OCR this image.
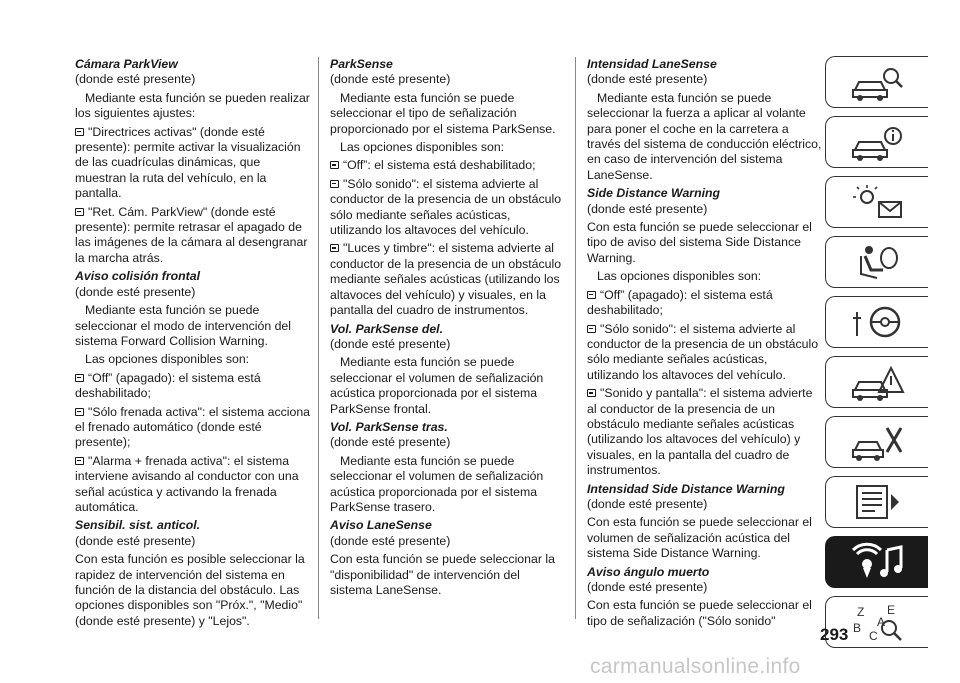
Cámara ParkView

(donde esté presente)

Mediante esta función se pueden realizar los siguientes ajustes:

"Directrices activas" (donde esté presente): permite activar la visualización de las cuadrículas dinámicas, que muestran la ruta del vehículo, en la pantalla.

"Ret. Cám. ParkView" (donde esté presente): permite retrasar el apagado de las imágenes de la cámara al desengranar la marcha atrás.

Aviso colisión frontal

(donde esté presente)

Mediante esta función se puede seleccionar el modo de intervención del sistema Forward Collision Warning.

Las opciones disponibles son:

“Off” (apagado): el sistema está deshabilitado;

"Sólo frenada activa": el sistema acciona el frenado automático (donde esté presente);

"Alarma + frenada activa": el sistema interviene avisando al conductor con una señal acústica y activando la frenada automática.

Sensibil. sist. anticol.

(donde esté presente)

Con esta función es posible seleccionar la rapidez de intervención del sistema en función de la distancia del obstáculo. Las opciones disponibles son "Próx.", "Medio" (donde esté presente) y "Lejos".

ParkSense

(donde esté presente)

Mediante esta función se puede seleccionar el tipo de señalización proporcionado por el sistema ParkSense.

Las opciones disponibles son:

“Off”: el sistema está deshabilitado;

"Sólo sonido": el sistema advierte al conductor de la presencia de un obstáculo sólo mediante señales acústicas, utilizando los altavoces del vehículo.

"Luces y timbre": el sistema advierte al conductor de la presencia de un obstáculo mediante señales acústicas (utilizando los altavoces del vehículo) y visuales, en la pantalla del cuadro de instrumentos.

Vol. ParkSense del.

(donde esté presente)

Mediante esta función se puede seleccionar el volumen de señalización acústica proporcionada por el sistema ParkSense frontal.

Vol. ParkSense tras.

(donde esté presente)

Mediante esta función se puede seleccionar el volumen de señalización acústica proporcionada por el sistema ParkSense trasero.

Aviso LaneSense

(donde esté presente)

Con esta función se puede seleccionar la "disponibilidad" de intervención del sistema LaneSense.

Intensidad LaneSense

(donde esté presente)

Mediante esta función se puede seleccionar la fuerza a aplicar al volante para poner el coche en la carretera a través del sistema de conducción eléctrico, en caso de intervención del sistema LaneSense.

Side Distance Warning

(donde esté presente)

Con esta función se puede seleccionar el tipo de aviso del sistema Side Distance Warning.

Las opciones disponibles son:

“Off” (apagado): el sistema está deshabilitado;

"Sólo sonido": el sistema advierte al conductor de la presencia de un obstáculo sólo mediante señales acústicas, utilizando los altavoces del vehículo.

"Sonido y pantalla": el sistema advierte al conductor de la presencia de un obstáculo mediante señales acústicas (utilizando los altavoces del vehículo) y visuales, en la pantalla del cuadro de instrumentos.

Intensidad Side Distance Warning

(donde esté presente)

Con esta función se puede seleccionar el volumen de señalización acústica del sistema Side Distance Warning.

Aviso ángulo muerto

(donde esté presente)

Con esta función se puede seleccionar el tipo de señalización ("Sólo sonido"

Z E
B
C
A
293
carmanualsonline.info
